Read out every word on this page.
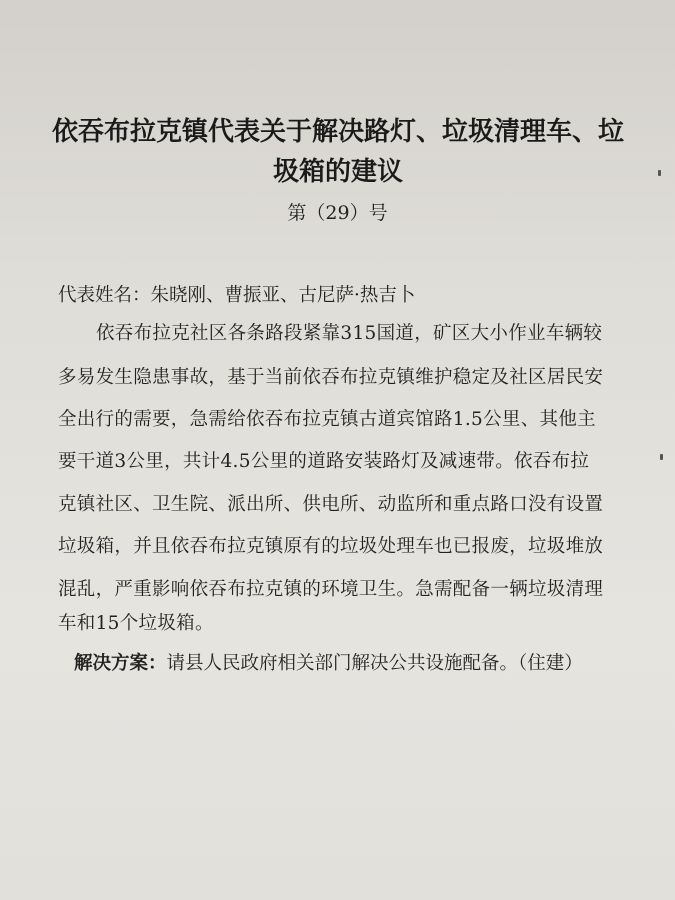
依吞布拉克镇代表关于解决路灯、垃圾清理车、垃
圾箱的建议
第（29）号
代表姓名：朱晓刚、曹振亚、古尼萨·热吉卜
依吞布拉克社区各条路段紧靠315国道，矿区大小作业车辆较
多易发生隐患事故，基于当前依吞布拉克镇维护稳定及社区居民安
全出行的需要，急需给依吞布拉克镇古道宾馆路1.5公里、其他主
要干道3公里，共计4.5公里的道路安装路灯及减速带。依吞布拉
克镇社区、卫生院、派出所、供电所、动监所和重点路口没有设置
垃圾箱，并且依吞布拉克镇原有的垃圾处理车也已报废，垃圾堆放
混乱，严重影响依吞布拉克镇的环境卫生。急需配备一辆垃圾清理
车和15个垃圾箱。
解决方案：请县人民政府相关部门解决公共设施配备。（住建）
